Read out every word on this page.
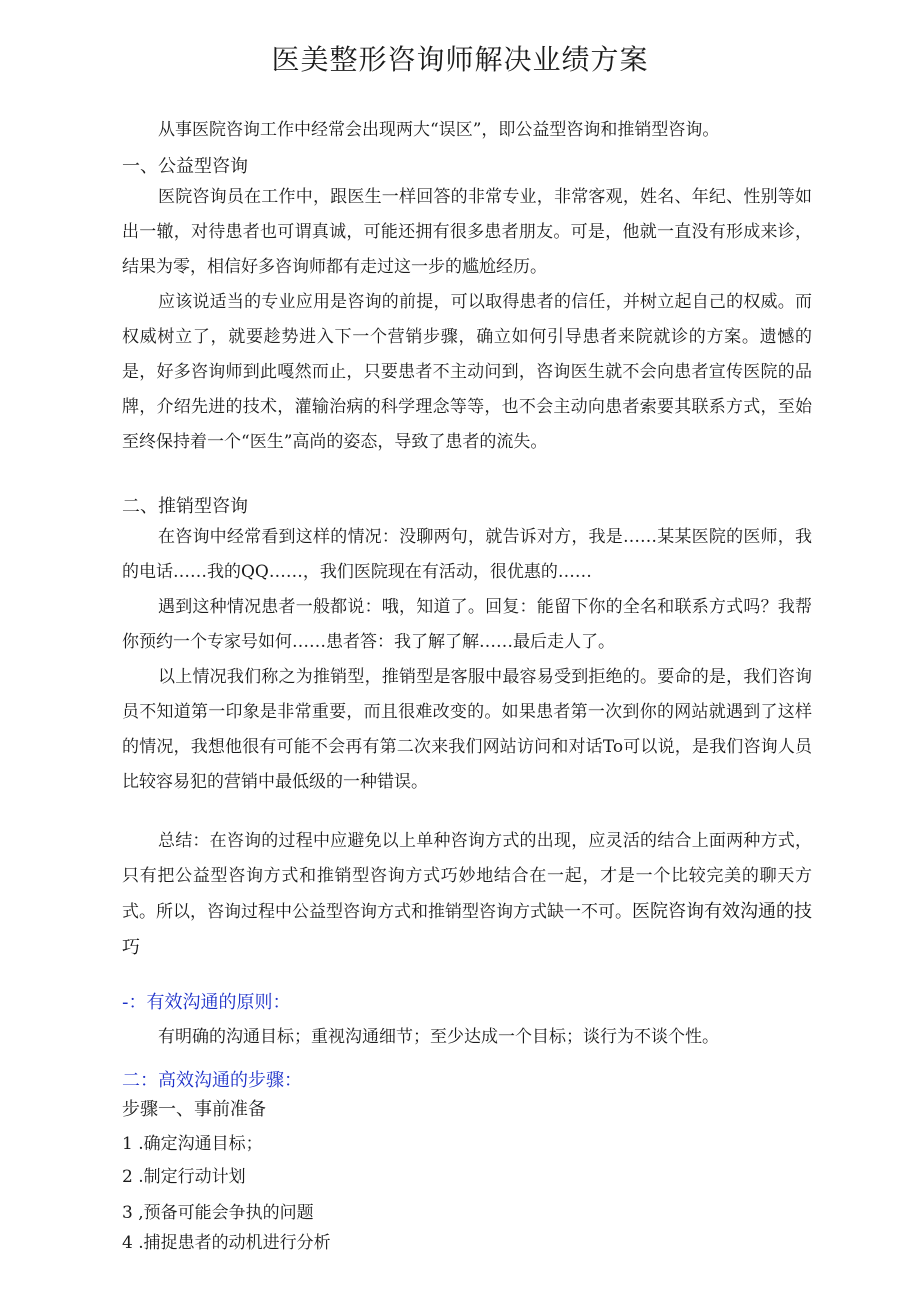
医美整形咨询师解决业绩方案

从事医院咨询工作中经常会出现两大“误区”，即公益型咨询和推销型咨询。

一、公益型咨询

医院咨询员在工作中，跟医生一样回答的非常专业，非常客观，姓名、年纪、性别等如出一辙，对待患者也可谓真诚，可能还拥有很多患者朋友。可是，他就一直没有形成来诊，结果为零，相信好多咨询师都有走过这一步的尴尬经历。

应该说适当的专业应用是咨询的前提，可以取得患者的信任，并树立起自己的权威。而权威树立了，就要趁势进入下一个营销步骤，确立如何引导患者来院就诊的方案。遗憾的是，好多咨询师到此嘎然而止，只要患者不主动问到，咨询医生就不会向患者宣传医院的品牌，介绍先进的技术，灌输治病的科学理念等等，也不会主动向患者索要其联系方式，至始至终保持着一个“医生”高尚的姿态，导致了患者的流失。

二、推销型咨询

在咨询中经常看到这样的情况：没聊两句，就告诉对方，我是……某某医院的医师，我的电话……我的QQ……，我们医院现在有活动，很优惠的……

遇到这种情况患者一般都说：哦，知道了。回复：能留下你的全名和联系方式吗？我帮你预约一个专家号如何……患者答：我了解了解……最后走人了。

以上情况我们称之为推销型，推销型是客服中最容易受到拒绝的。要命的是，我们咨询员不知道第一印象是非常重要，而且很难改变的。如果患者第一次到你的网站就遇到了这样的情况，我想他很有可能不会再有第二次来我们网站访问和对话To可以说，是我们咨询人员比较容易犯的营销中最低级的一种错误。

总结：在咨询的过程中应避免以上单种咨询方式的出现，应灵活的结合上面两种方式，只有把公益型咨询方式和推销型咨询方式巧妙地结合在一起，才是一个比较完美的聊天方式。所以，咨询过程中公益型咨询方式和推销型咨询方式缺一不可。医院咨询有效沟通的技巧

-：有效沟通的原则：

有明确的沟通目标；重视沟通细节；至少达成一个目标；谈行为不谈个性。

二：高效沟通的步骤：
步骤一、事前准备
1 .确定沟通目标；
2 .制定行动计划
3 ,预备可能会争执的问题
4 .捕捉患者的动机进行分析
